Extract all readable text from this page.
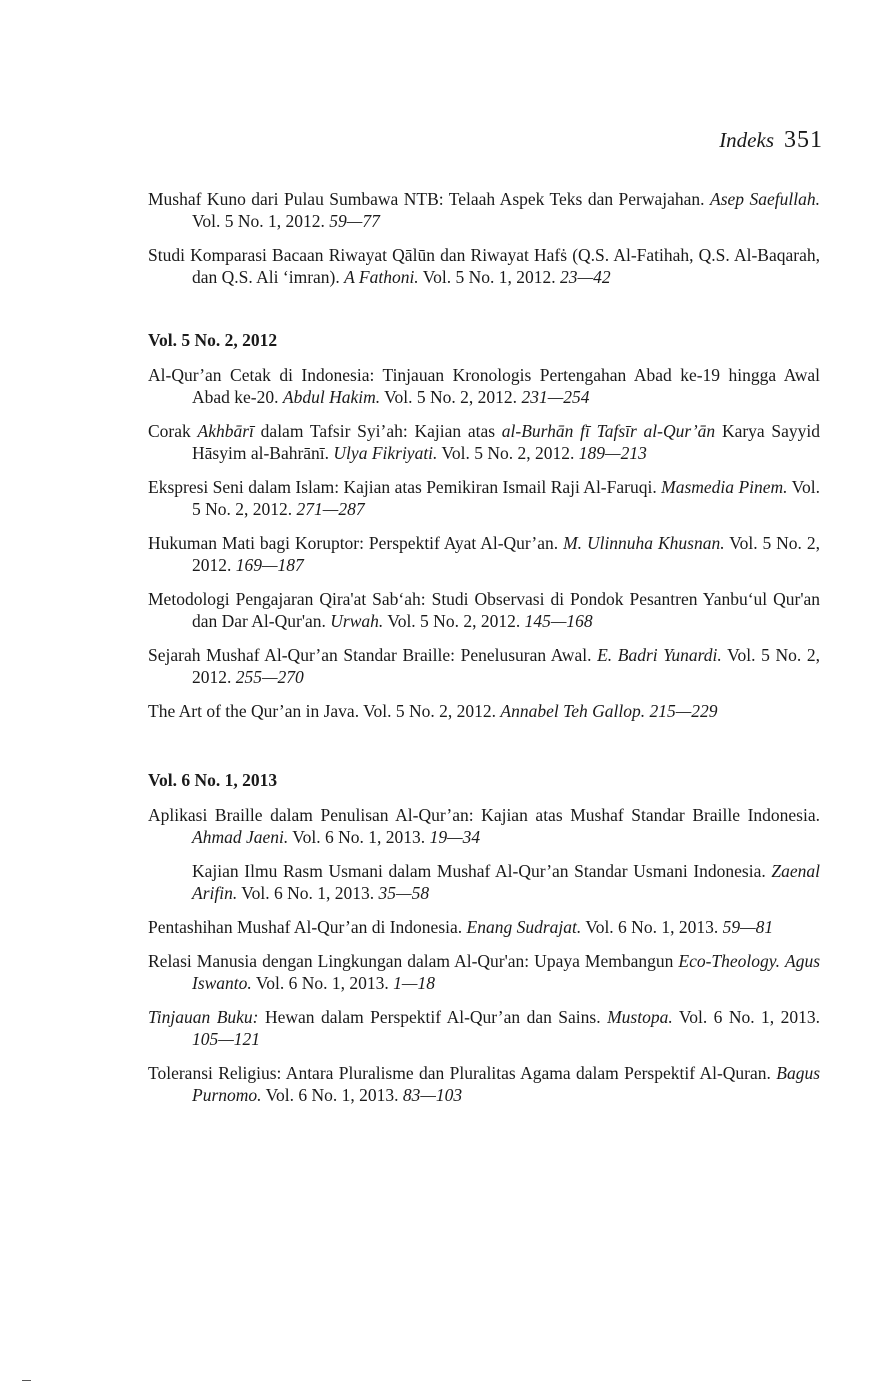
Indeks 351

Mushaf Kuno dari Pulau Sumbawa NTB: Telaah Aspek Teks dan Perwajahan. Asep Saefullah. Vol. 5 No. 1, 2012. 59—77

Studi Komparasi Bacaan Riwayat Qālūn dan Riwayat Hafṡ (Q.S. Al-Fatihah, Q.S. Al-Baqarah, dan Q.S. Ali ‘imran). A Fathoni. Vol. 5 No. 1, 2012. 23—42

Vol. 5 No. 2, 2012

Al-Qur’an Cetak di Indonesia: Tinjauan Kronologis Pertengahan Abad ke-19 hingga Awal Abad ke-20. Abdul Hakim. Vol. 5 No. 2, 2012. 231—254

Corak Akhbārī dalam Tafsir Syi’ah: Kajian atas al-Burhān fī Tafsīr al-Qur’ān Karya Sayyid Hāsyim al-Bahrānī. Ulya Fikriyati. Vol. 5 No. 2, 2012. 189—213

Ekspresi Seni dalam Islam: Kajian atas Pemikiran Ismail Raji Al-Faruqi. Masmedia Pinem. Vol. 5 No. 2, 2012. 271—287

Hukuman Mati bagi Koruptor: Perspektif Ayat Al-Qur’an. M. Ulinnuha Khusnan. Vol. 5 No. 2, 2012. 169—187

Metodologi Pengajaran Qira'at Sab‘ah: Studi Observasi di Pondok Pesantren Yanbu‘ul Qur'an dan Dar Al-Qur'an. Urwah. Vol. 5 No. 2, 2012. 145—168

Sejarah Mushaf Al-Qur’an Standar Braille: Penelusuran Awal. E. Badri Yunardi. Vol. 5 No. 2, 2012. 255—270

The Art of the Qur’an in Java. Vol. 5 No. 2, 2012. Annabel Teh Gallop. 215—229

Vol. 6 No. 1, 2013

Aplikasi Braille dalam Penulisan Al-Qur’an: Kajian atas Mushaf Standar Braille Indonesia. Ahmad Jaeni. Vol. 6 No. 1, 2013. 19—34

Kajian Ilmu Rasm Usmani dalam Mushaf Al-Qur’an Standar Usmani Indonesia. Zaenal Arifin. Vol. 6 No. 1, 2013. 35—58

Pentashihan Mushaf Al-Qur’an di Indonesia. Enang Sudrajat. Vol. 6 No. 1, 2013. 59—81

Relasi Manusia dengan Lingkungan dalam Al-Qur'an: Upaya Membangun Eco-Theology. Agus Iswanto. Vol. 6 No. 1, 2013. 1—18

Tinjauan Buku: Hewan dalam Perspektif Al-Qur’an dan Sains. Mustopa. Vol. 6 No. 1, 2013. 105—121

Toleransi Religius: Antara Pluralisme dan Pluralitas Agama dalam Perspektif Al-Quran. Bagus Purnomo. Vol. 6 No. 1, 2013. 83—103
